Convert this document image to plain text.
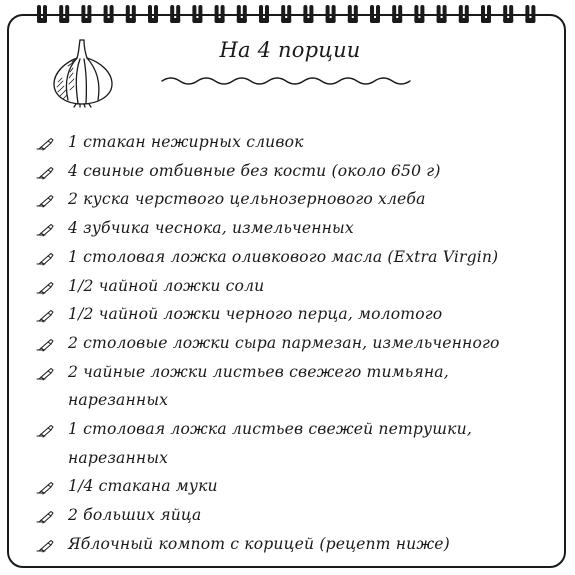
На 4 порции
1 стакан нежирных сливок
4 свиные отбивные без кости (около 650 г)
2 куска черствого цельнозернового хлеба
4 зубчика чеснока, измельченных
1 столовая ложка оливкового масла (Extra Virgin)
1/2 чайной ложки соли
1/2 чайной ложки черного перца, молотого
2 столовые ложки сыра пармезан, измельченного
2 чайные ложки листьев свежего тимьяна,
нарезанных
1 столовая ложка листьев свежей петрушки,
нарезанных
1/4 стакана муки
2 больших яйца
Яблочный компот с корицей (рецепт ниже)
